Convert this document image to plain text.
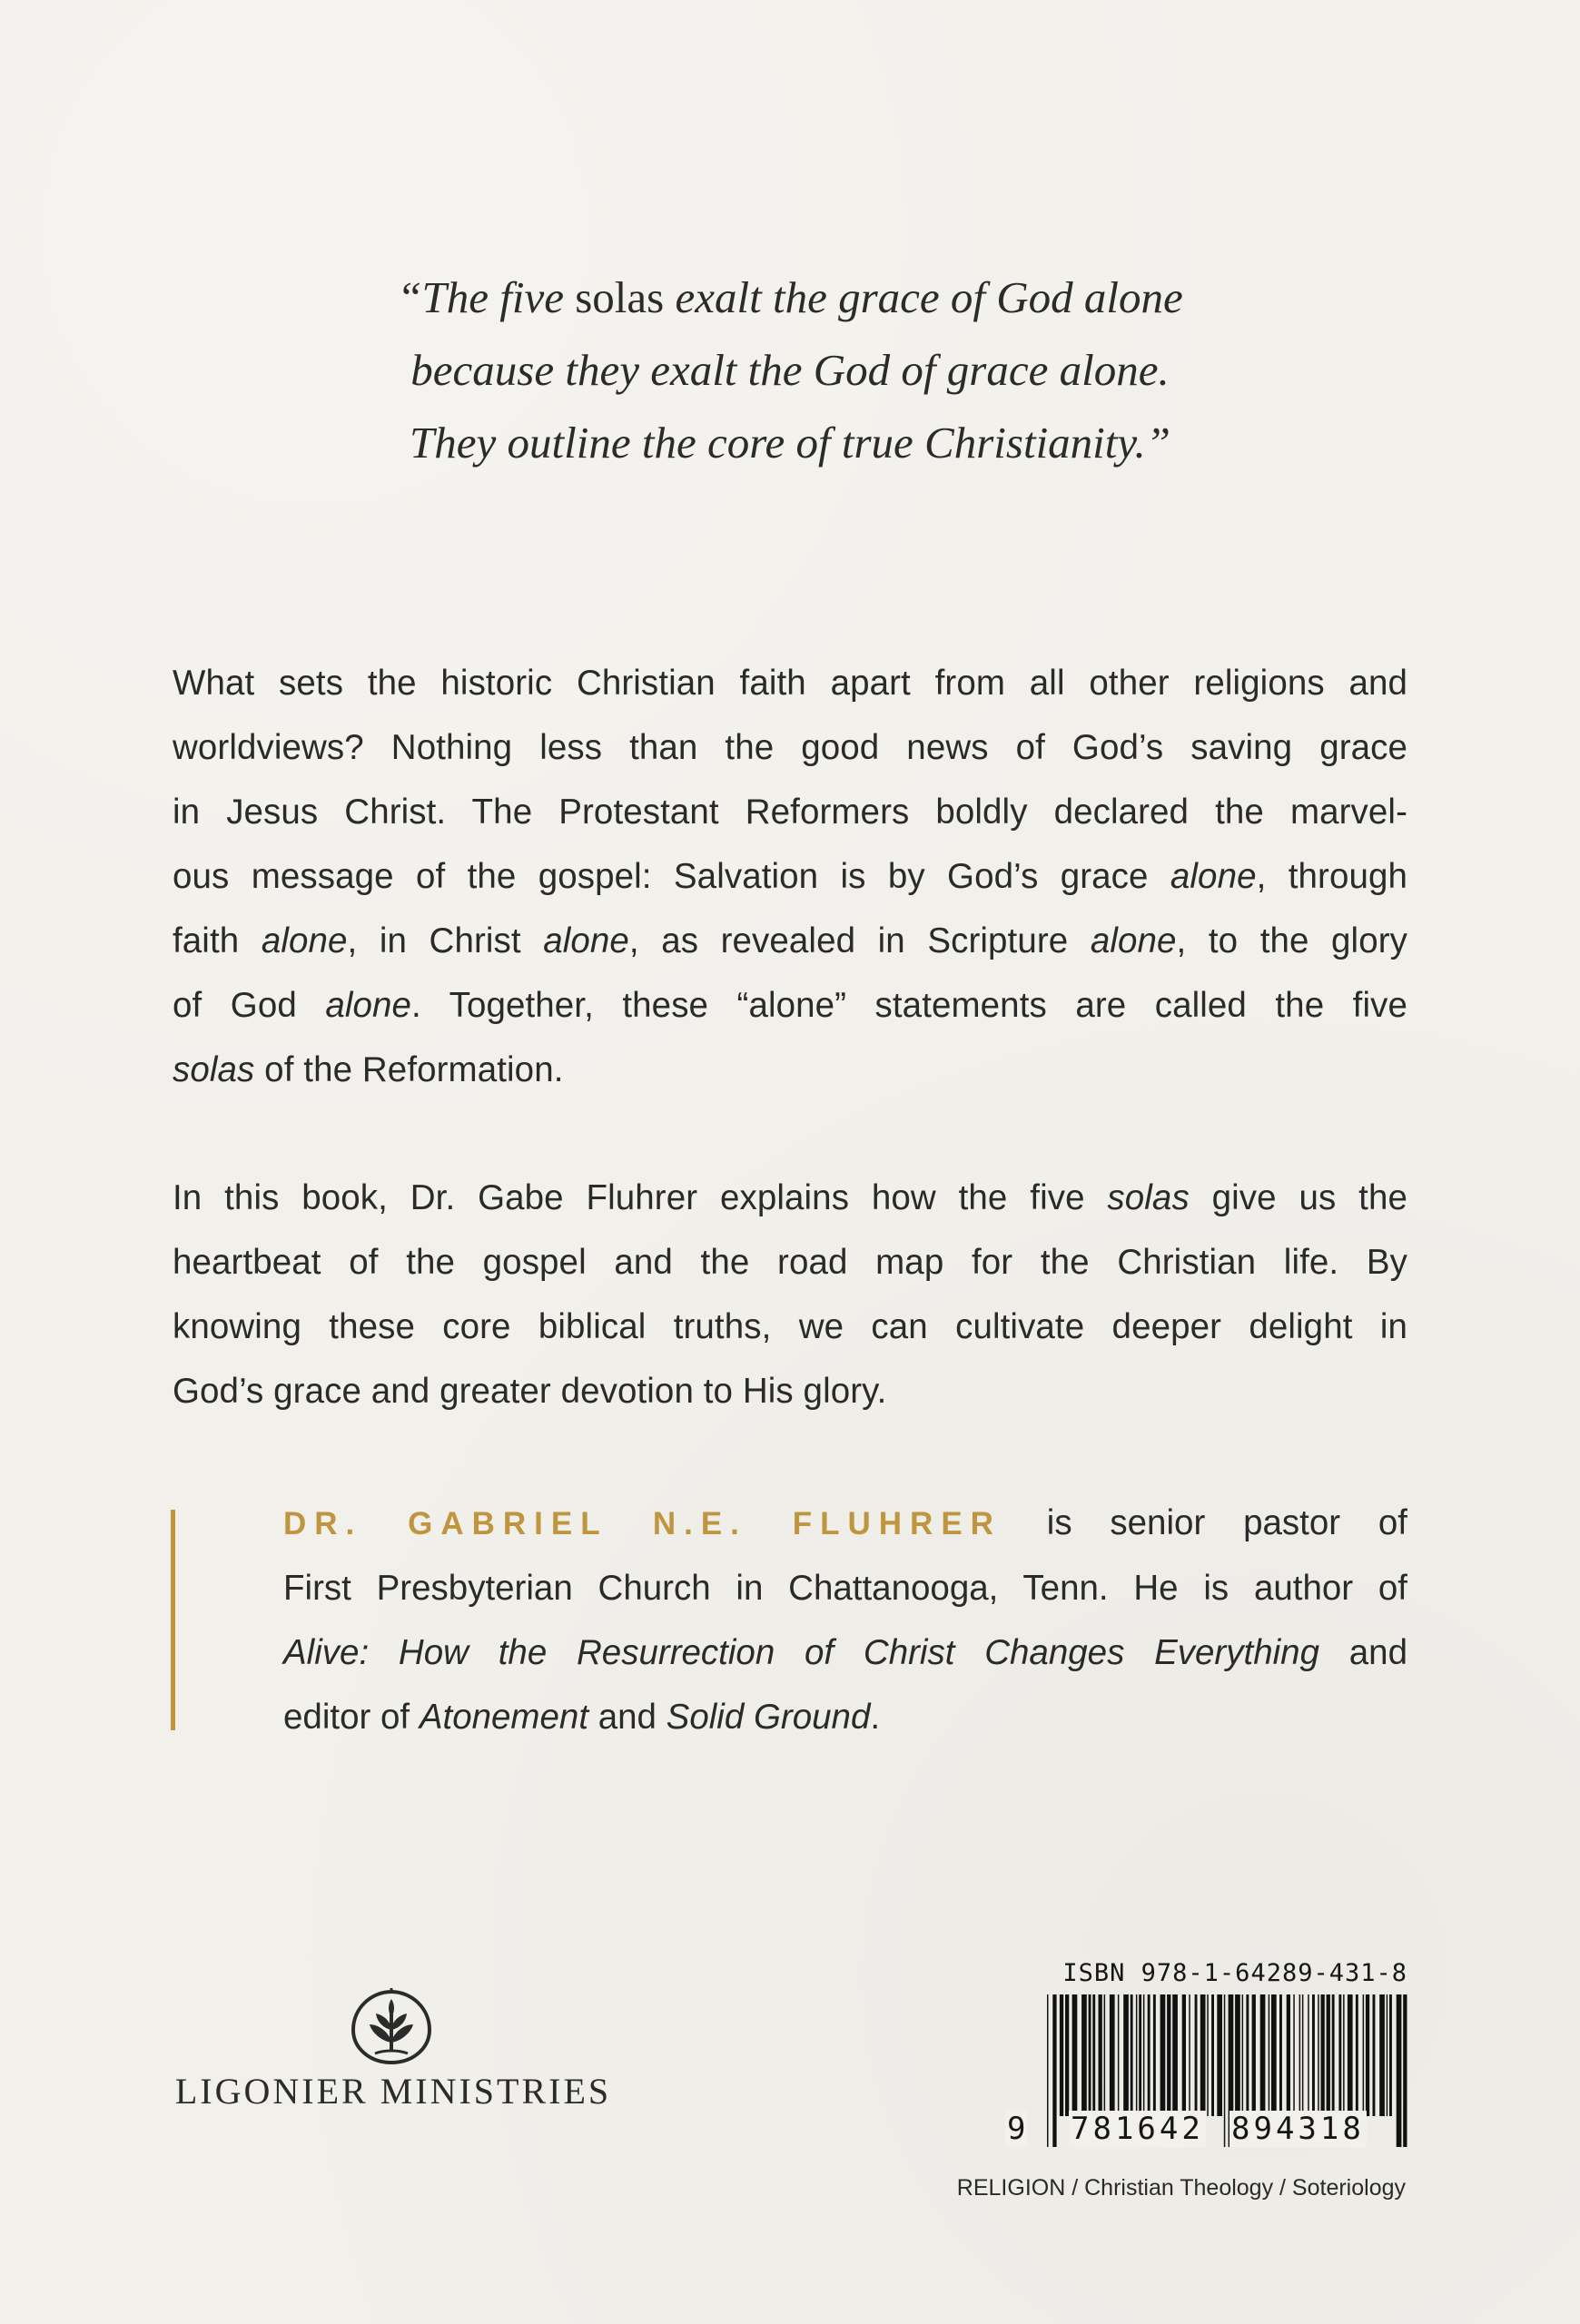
“The five solas exalt the grace of God alone
because they exalt the God of grace alone.
They outline the core of true Christianity.”
What sets the historic Christian faith apart from all other religions and
worldviews? Nothing less than the good news of God’s saving grace
in Jesus Christ. The Protestant Reformers boldly declared the marvel-
ous message of the gospel: Salvation is by God’s grace alone, through
faith alone, in Christ alone, as revealed in Scripture alone, to the glory
of God alone. Together, these “alone” statements are called the five
solas of the Reformation.
In this book, Dr. Gabe Fluhrer explains how the five solas give us the
heartbeat of the gospel and the road map for the Christian life. By
knowing these core biblical truths, we can cultivate deeper delight in
God’s grace and greater devotion to His glory.
DR. GABRIEL N.E. FLUHRER is senior pastor of
First Presbyterian Church in Chattanooga, Tenn. He is author of
Alive: How the Resurrection of Christ Changes Everything and
editor of Atonement and Solid Ground.
LIGONIER MINISTRIES
ISBN 978-1-64289-431-8
9 781642 894318
RELIGION / Christian Theology / Soteriology
